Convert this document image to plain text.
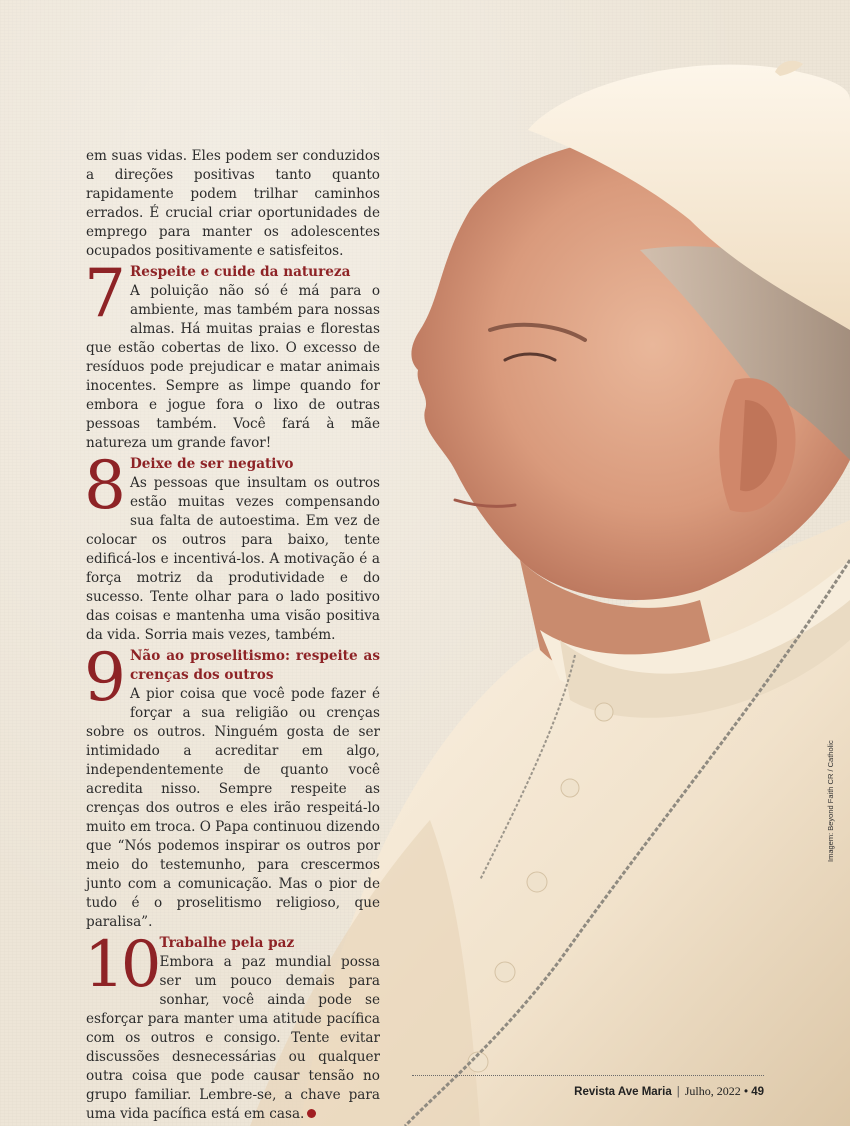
em suas vidas. Eles podem ser conduzidos a direções positivas tanto quanto rapidamente podem trilhar caminhos errados. É crucial criar oportunidades de emprego para manter os adolescentes ocupados positivamente e satisfeitos.

7 Respeite e cuide da natureza

A poluição não só é má para o ambiente, mas também para nossas almas. Há muitas praias e florestas que estão cobertas de lixo. O excesso de resíduos pode prejudicar e matar animais inocentes. Sempre as limpe quando for embora e jogue fora o lixo de outras pessoas também. Você fará à mãe natureza um grande favor!

8 Deixe de ser negativo

As pessoas que insultam os outros estão muitas vezes compensando sua falta de autoestima. Em vez de colocar os outros para baixo, tente edificá-los e incentivá-los. A motivação é a força motriz da produtividade e do sucesso. Tente olhar para o lado positivo das coisas e mantenha uma visão positiva da vida. Sorria mais vezes, também.

9 Não ao proselitismo: respeite as crenças dos outros

A pior coisa que você pode fazer é forçar a sua religião ou crenças sobre os outros. Ninguém gosta de ser intimidado a acreditar em algo, independentemente de quanto você acredita nisso. Sempre respeite as crenças dos outros e eles irão respeitá-lo muito em troca. O Papa continuou dizendo que “Nós podemos inspirar os outros por meio do testemunho, para crescermos junto com a comunicação. Mas o pior de tudo é o proselitismo religioso, que paralisa”.

10 Trabalhe pela paz

Embora a paz mundial possa ser um pouco demais para sonhar, você ainda pode se esforçar para manter uma atitude pacífica com os outros e consigo. Tente evitar discussões desnecessárias ou qualquer outra coisa que pode causar tensão no grupo familiar. Lembre-se, a chave para uma vida pacífica está em casa.

Imagem: Beyond Faith CR / Catholic
Revista Ave Maria | Julho, 2022 • 49
